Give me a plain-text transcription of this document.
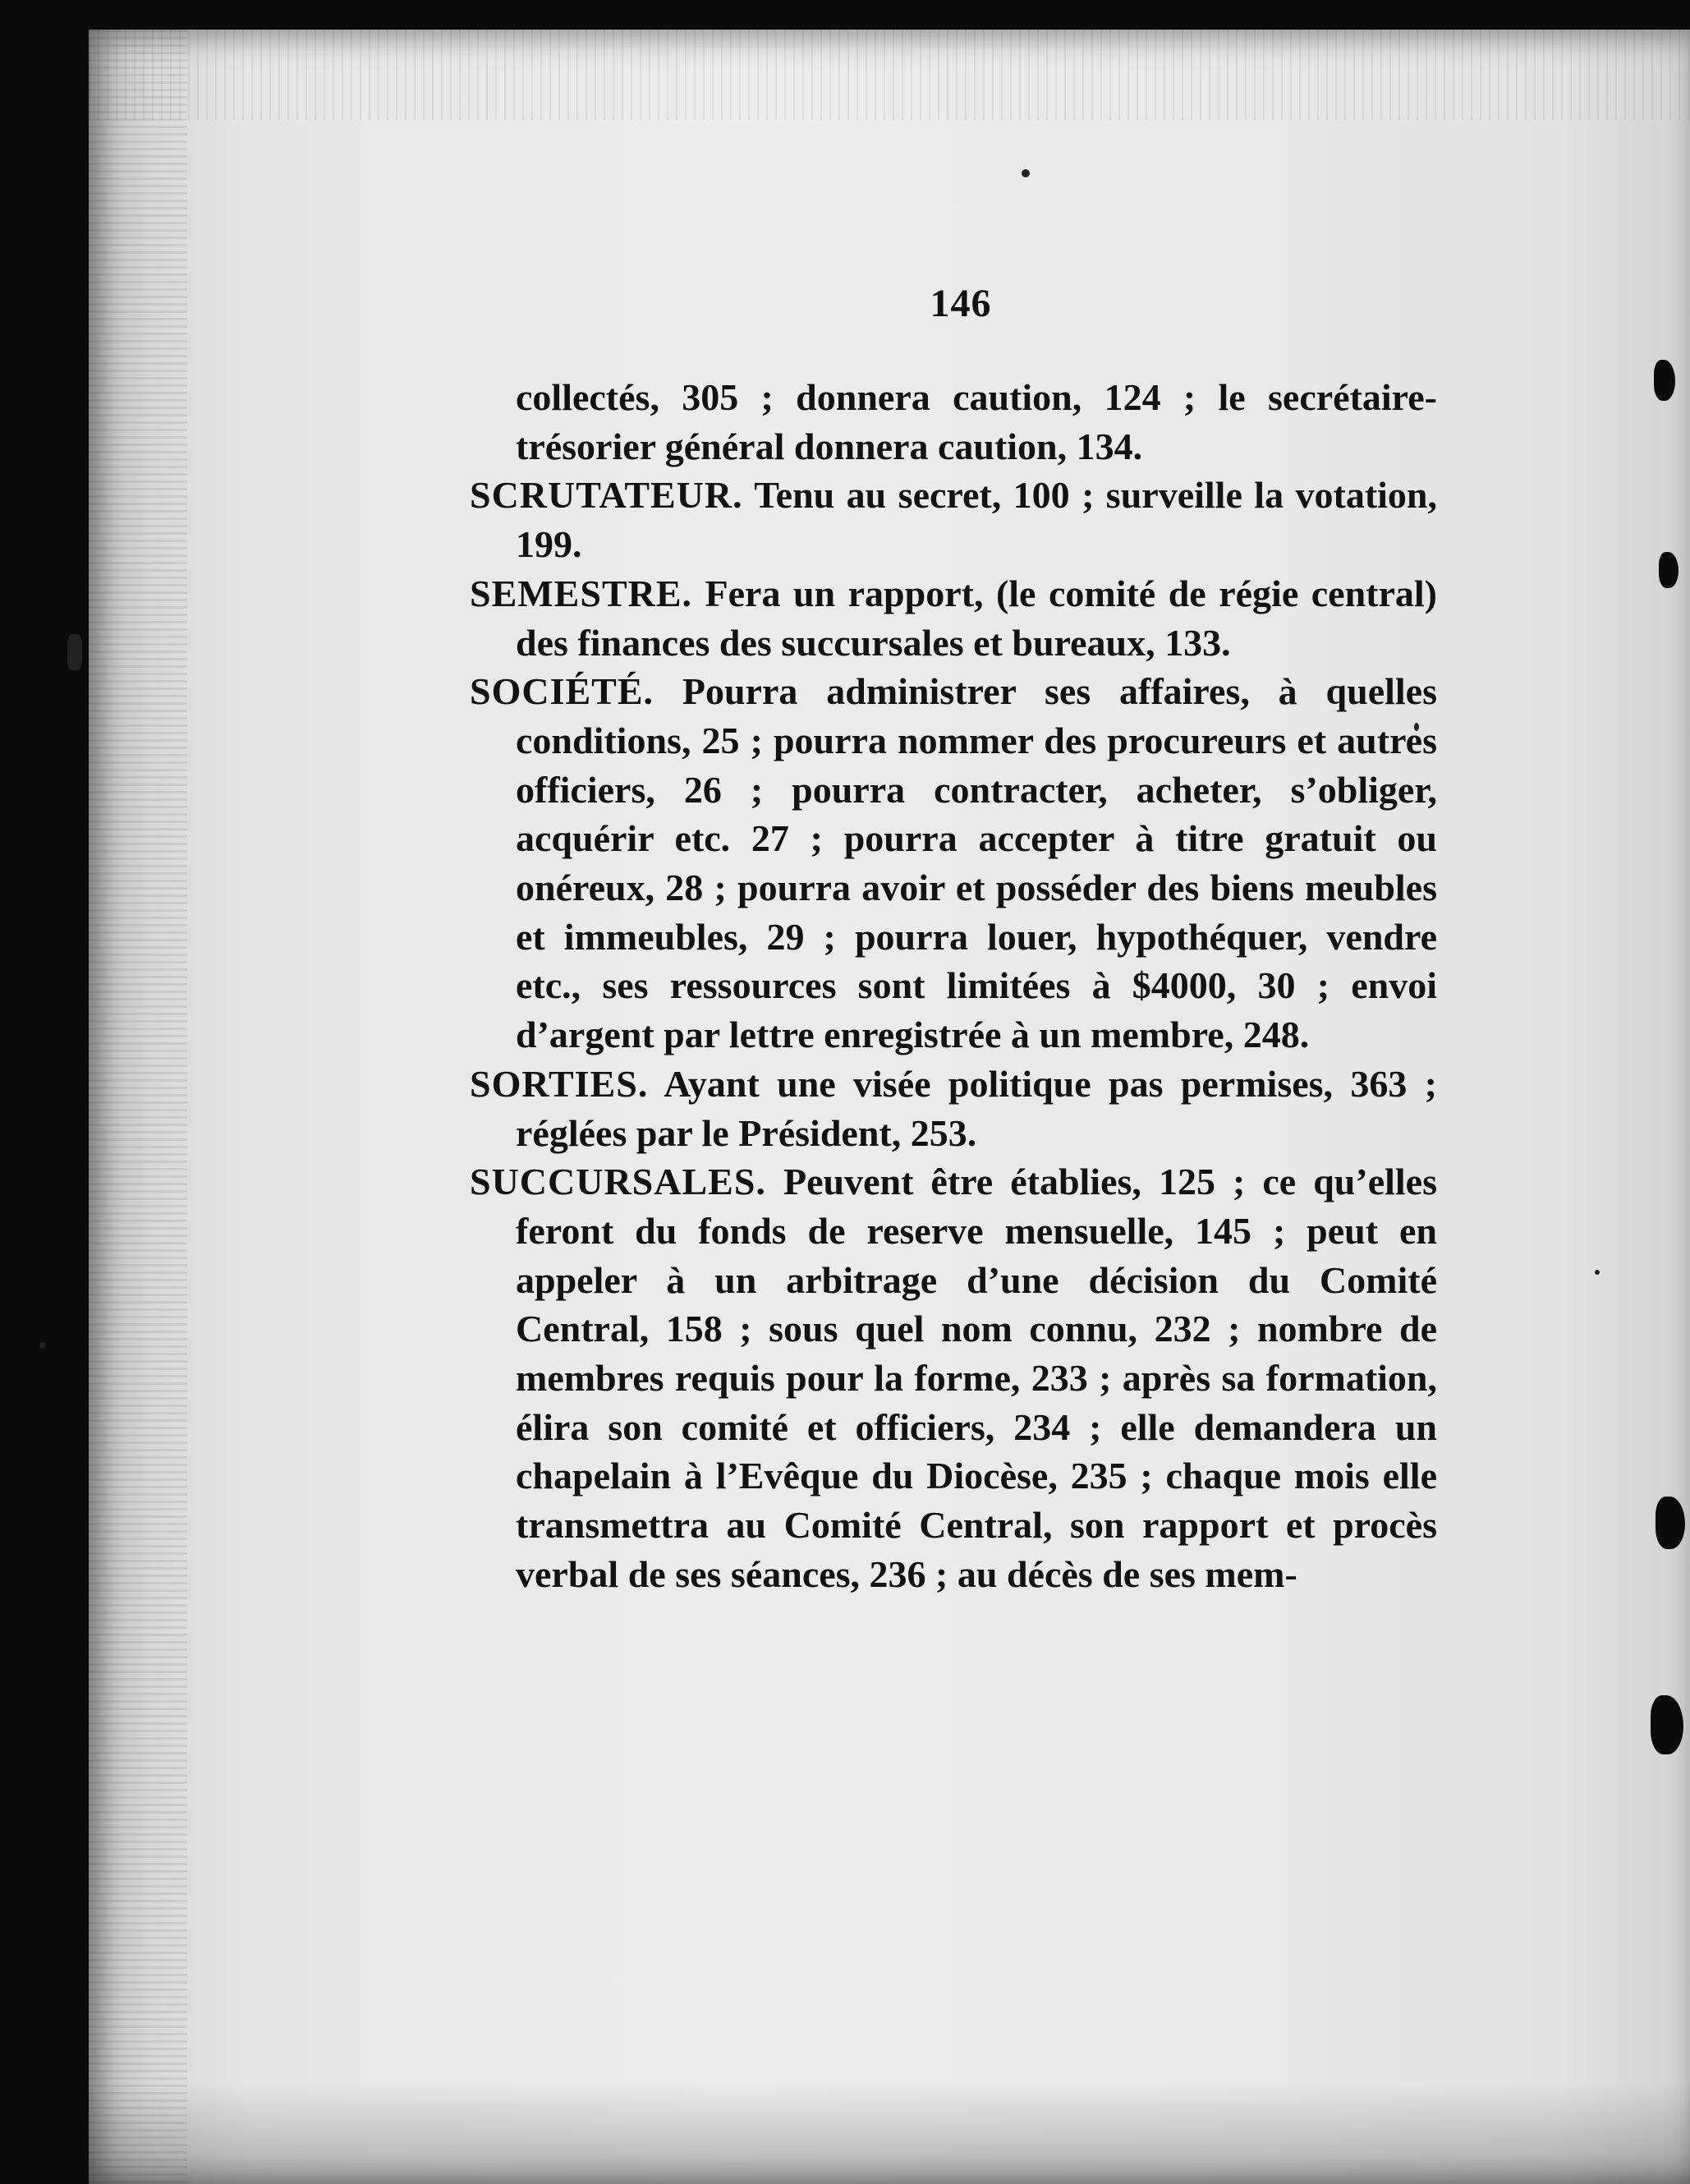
146

collectés, 305 ; donnera caution, 124 ; le secrétaire-trésorier général donnera caution, 134.

SCRUTATEUR. Tenu au secret, 100 ; surveille la votation, 199.

SEMESTRE. Fera un rapport, (le comité de régie central) des finances des succursales et bureaux, 133.

SOCIÉTÉ. Pourra administrer ses affaires, à quelles conditions, 25 ; pourra nommer des procureurs et autres officiers, 26 ; pourra contracter, acheter, s’obliger, acquérir etc. 27 ; pourra accepter à titre gratuit ou onéreux, 28 ; pourra avoir et posséder des biens meubles et immeubles, 29 ; pourra louer, hypothéquer, vendre etc., ses ressources sont limitées à $4000, 30 ; envoi d’argent par lettre enregistrée à un membre, 248.

SORTIES. Ayant une visée politique pas permises, 363 ; réglées par le Président, 253.

SUCCURSALES. Peuvent être établies, 125 ; ce qu’elles feront du fonds de reserve mensuelle, 145 ; peut en appeler à un arbitrage d’une décision du Comité Central, 158 ; sous quel nom connu, 232 ; nombre de membres requis pour la forme, 233 ; après sa formation, élira son comité et officiers, 234 ; elle demandera un chapelain à l’Evêque du Diocèse, 235 ; chaque mois elle transmettra au Comité Central, son rapport et procès verbal de ses séances, 236 ; au décès de ses mem-
